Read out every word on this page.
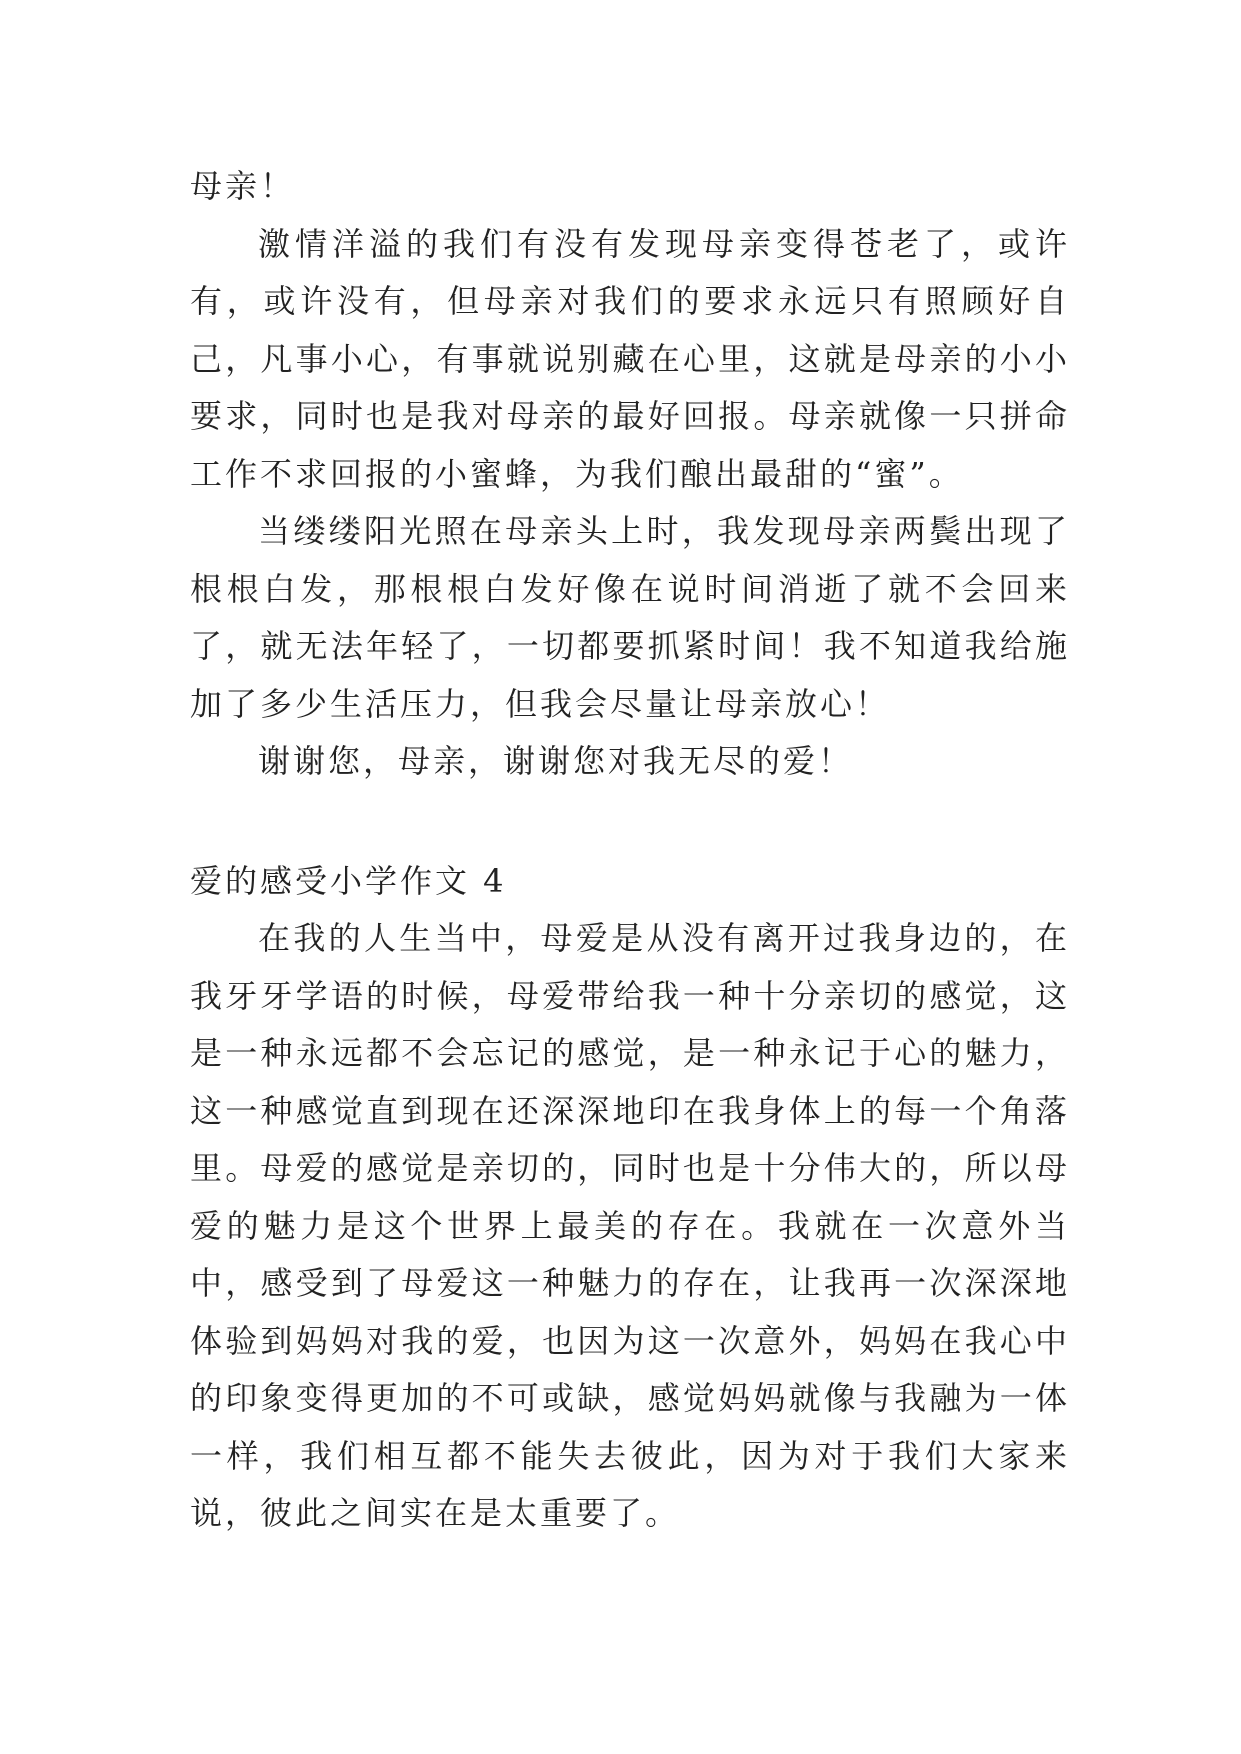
母亲！

激情洋溢的我们有没有发现母亲变得苍老了，或许有，或许没有，但母亲对我们的要求永远只有照顾好自己，凡事小心，有事就说别藏在心里，这就是母亲的小小要求，同时也是我对母亲的最好回报。母亲就像一只拼命工作不求回报的小蜜蜂，为我们酿出最甜的“蜜”。

当缕缕阳光照在母亲头上时，我发现母亲两鬓出现了根根白发，那根根白发好像在说时间消逝了就不会回来了，就无法年轻了，一切都要抓紧时间！我不知道我给施加了多少生活压力，但我会尽量让母亲放心！

谢谢您，母亲，谢谢您对我无尽的爱！

爱的感受小学作文 4

在我的人生当中，母爱是从没有离开过我身边的，在我牙牙学语的时候，母爱带给我一种十分亲切的感觉，这是一种永远都不会忘记的感觉，是一种永记于心的魅力，这一种感觉直到现在还深深地印在我身体上的每一个角落里。母爱的感觉是亲切的，同时也是十分伟大的，所以母爱的魅力是这个世界上最美的存在。我就在一次意外当中，感受到了母爱这一种魅力的存在，让我再一次深深地体验到妈妈对我的爱，也因为这一次意外，妈妈在我心中的印象变得更加的不可或缺，感觉妈妈就像与我融为一体一样，我们相互都不能失去彼此，因为对于我们大家来说，彼此之间实在是太重要了。
